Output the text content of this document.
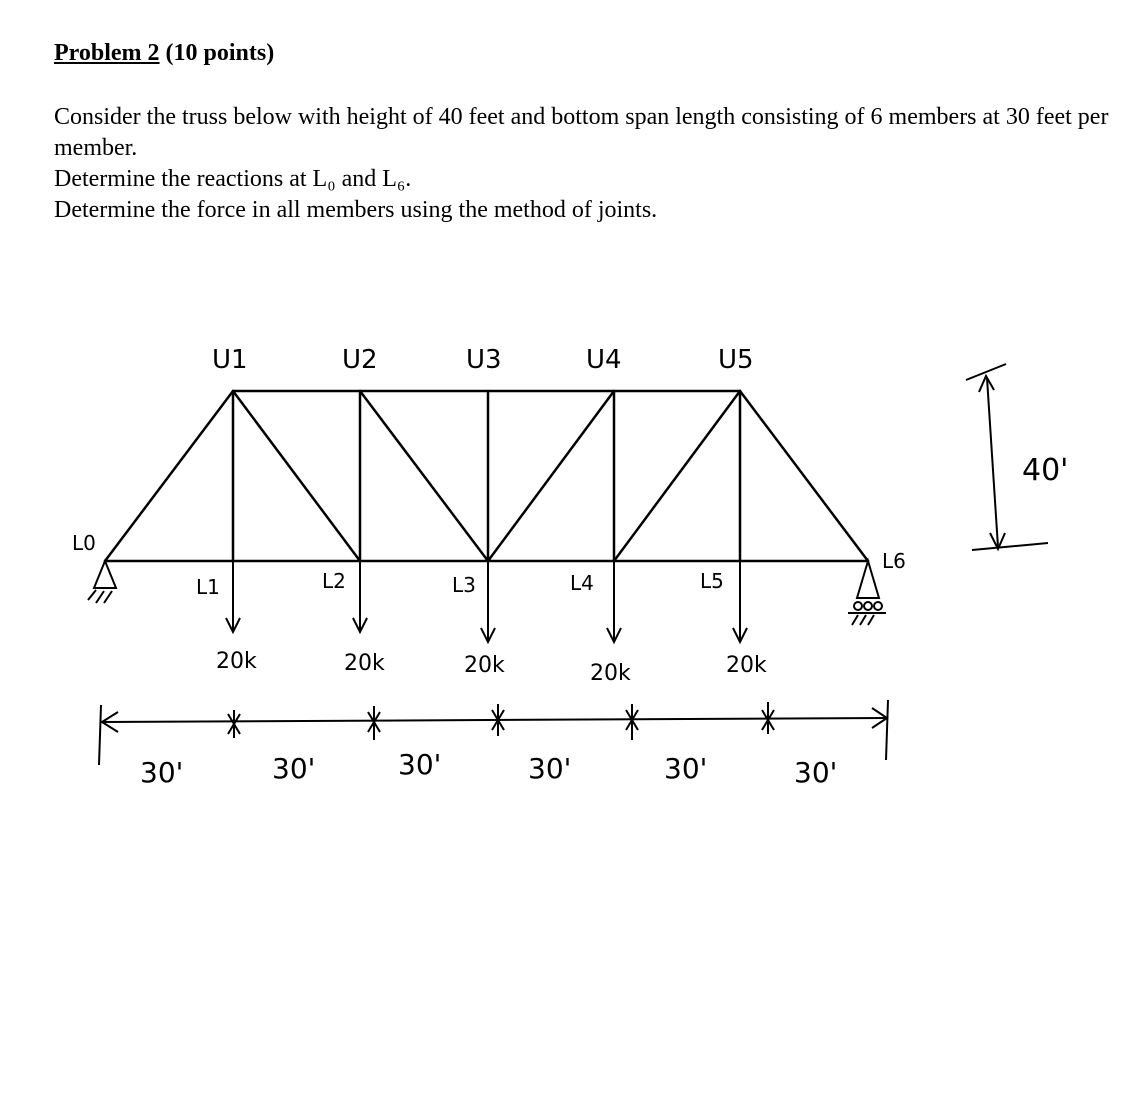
Problem 2 (10 points)

Consider the truss below with height of 40 feet and bottom span length consisting of 6 members at 30 feet per member.

Determine the reactions at L₀ and L₆.

Determine the force in all members using the method of joints.

U1	U2	U3	U4	U5
L0
L1	L2	L3	L4	L5
L6
20k	20k	20k	20k	20k
30'	30'	30'	30'	30'	30'
40'
